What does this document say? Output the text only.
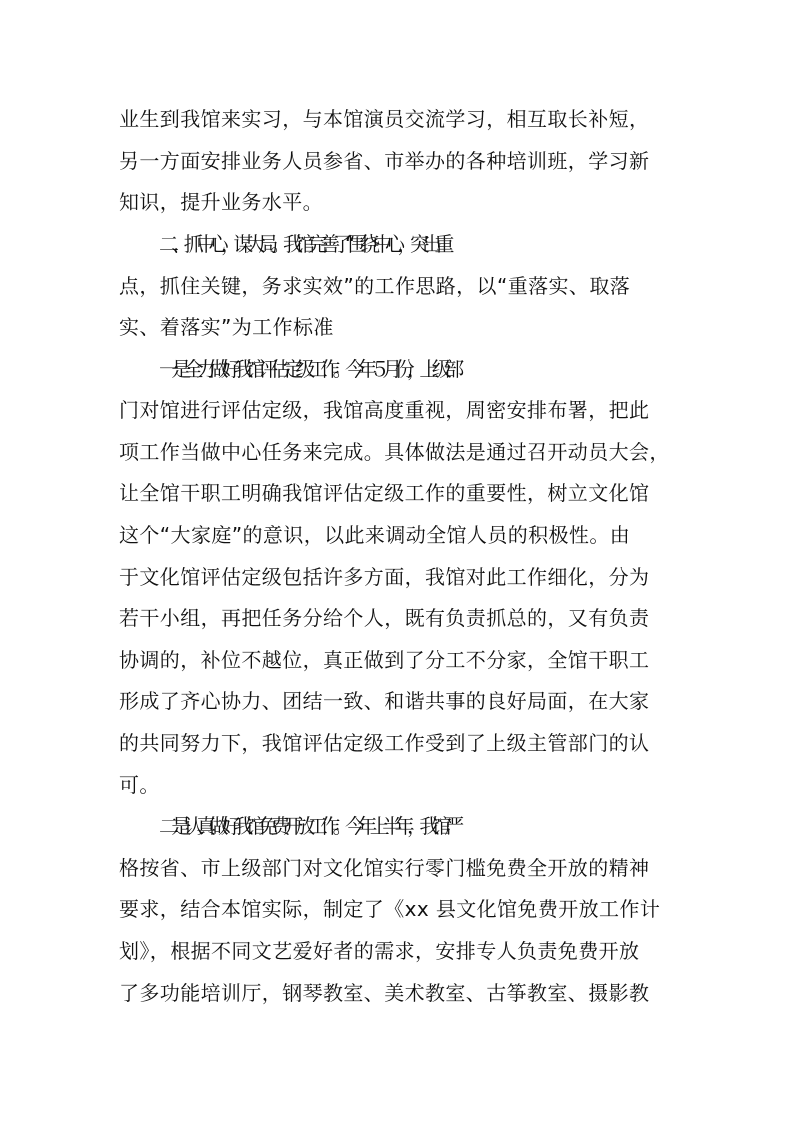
业生到我馆来实习，与本馆演员交流学习，相互取长补短，
另一方面安排业务人员参省、市举办的各种培训班，学习新
知识，提升业务水平。
二、抓中心，谋大局。我馆完善了“围绕中心，突出重
点，抓住关键，务求实效”的工作思路，以“重落实、取落
实、着落实”为工作标准
一是全力做好我馆评估定级工作。今年５月份，上级部
门对馆进行评估定级，我馆高度重视，周密安排布署，把此
项工作当做中心任务来完成。具体做法是通过召开动员大会，
让全馆干职工明确我馆评估定级工作的重要性，树立文化馆
这个“大家庭”的意识，以此来调动全馆人员的积极性。由
于文化馆评估定级包括许多方面，我馆对此工作细化，分为
若干小组，再把任务分给个人，既有负责抓总的，又有负责
协调的，补位不越位，真正做到了分工不分家，全馆干职工
形成了齐心协力、团结一致、和谐共事的良好局面，在大家
的共同努力下，我馆评估定级工作受到了上级主管部门的认
可。
二是认真做好我馆免费开放工作。今年上半年，我馆严
格按省、市上级部门对文化馆实行零门槛免费全开放的精神
要求，结合本馆实际，制定了《xx 县文化馆免费开放工作计
划》，根据不同文艺爱好者的需求，安排专人负责免费开放
了多功能培训厅，钢琴教室、美术教室、古筝教室、摄影教
